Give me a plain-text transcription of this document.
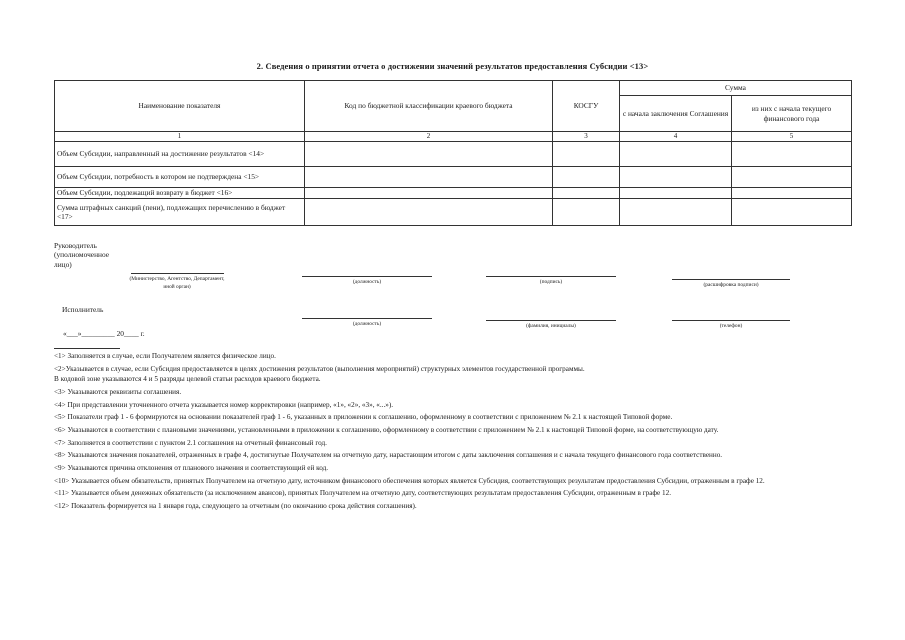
2. Сведения о принятии отчета о достижении значений результатов предоставления Субсидии <13>
Наименование показателя	Код по бюджетной классификации краевого бюджета	КОСГУ	Сумма	
			с начала заключения Соглашения	из них с начала текущего финансового года
1	2	3	4	5
Объем Субсидии, направленный на достижение результатов <14>				
Объем Субсидии, потребность в котором не подтверждена <15>				
Объем Субсидии, подлежащий возврату в бюджет <16>				
Сумма штрафных санкций (пени), подлежащих перечислению в бюджет <17>				
Руководитель (уполномоченное лицо)
(Министерство, Агентство, Департамент, иной орган)
(должность)	(подпись)	(расшифровка подписи)
Исполнитель
(должность)	(фамилия, инициалы)	(телефон)
«___»_________ 20____ г.
<1> Заполняется в случае, если Получателем является физическое лицо.
<2>Указывается в случае, если Субсидия предоставляется в целях достижения результатов (выполнения мероприятий) структурных элементов государственной программы.
В кодовой зоне указываются 4 и 5 разряды целевой статьи расходов краевого бюджета.
<3> Указываются реквизиты соглашения.
<4> При представлении уточненного отчета указывается номер корректировки (например, «1», «2», «3», «...»).
<5> Показатели граф 1 - 6 формируются на основании показателей граф 1 - 6, указанных в приложении к соглашению, оформленному в соответствии с приложением № 2.1 к настоящей Типовой форме.
<6> Указываются в соответствии с плановыми значениями, установленными в приложении к соглашению, оформленному в соответствии с приложением № 2.1 к настоящей Типовой форме, на соответствующую дату.
<7> Заполняется в соответствии с пунктом 2.1 соглашения на отчетный финансовый год.
<8> Указываются значения показателей, отраженных в графе 4, достигнутые Получателем на отчетную дату, нарастающим итогом с даты заключения соглашения и с начала текущего финансового года соответственно.
<9> Указываются причина отклонения от планового значения и соответствующий ей код.
<10> Указывается объем обязательств, принятых Получателем на отчетную дату, источником финансового обеспечения которых является Субсидия, соответствующих результатам предоставления Субсидии, отраженным в графе 12.
<11> Указывается объем денежных обязательств (за исключением авансов), принятых Получателем на отчетную дату, соответствующих результатам предоставления Субсидии, отраженным в графе 12.
<12> Показатель формируется на 1 января года, следующего за отчетным (по окончанию срока действия соглашения).
